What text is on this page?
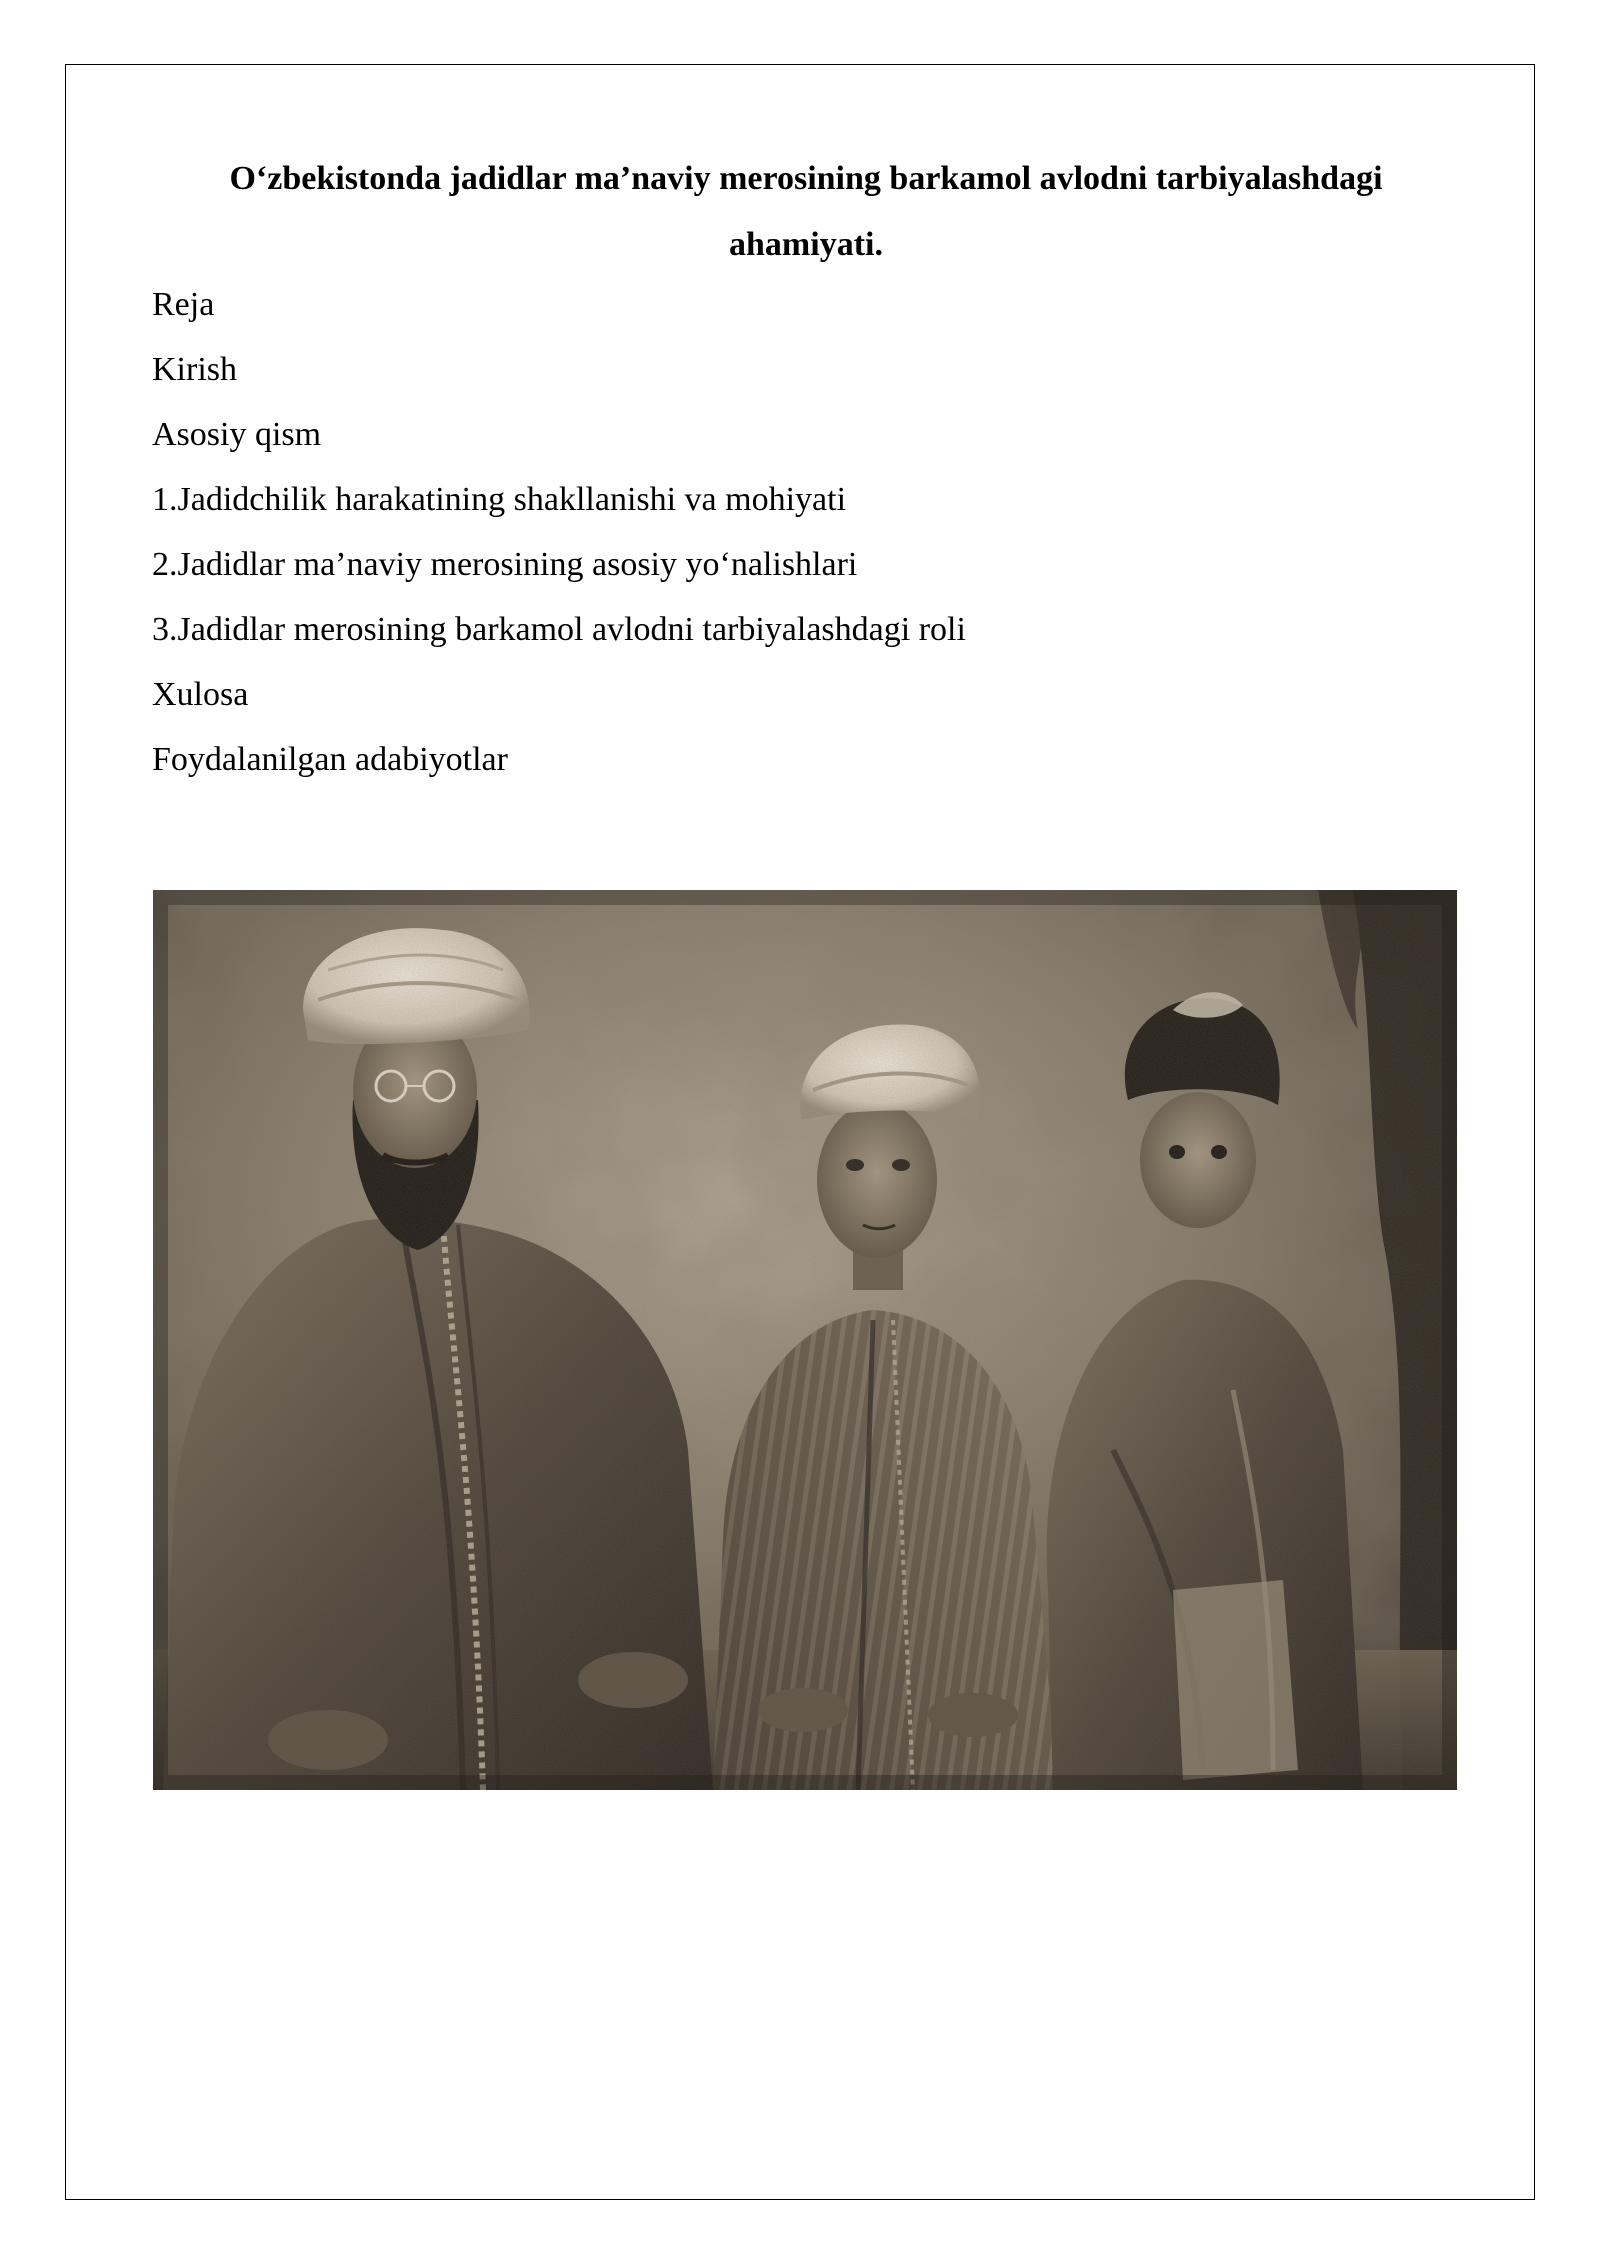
O‘zbekistonda jadidlar ma’naviy merosining barkamol avlodni tarbiyalashdagi ahamiyati.
Reja
Kirish
Asosiy qism
1.Jadidchilik harakatining shakllanishi va mohiyati
2.Jadidlar ma’naviy merosining asosiy yo‘nalishlari
3.Jadidlar merosining barkamol avlodni tarbiyalashdagi roli
Xulosa
Foydalanilgan adabiyotlar
